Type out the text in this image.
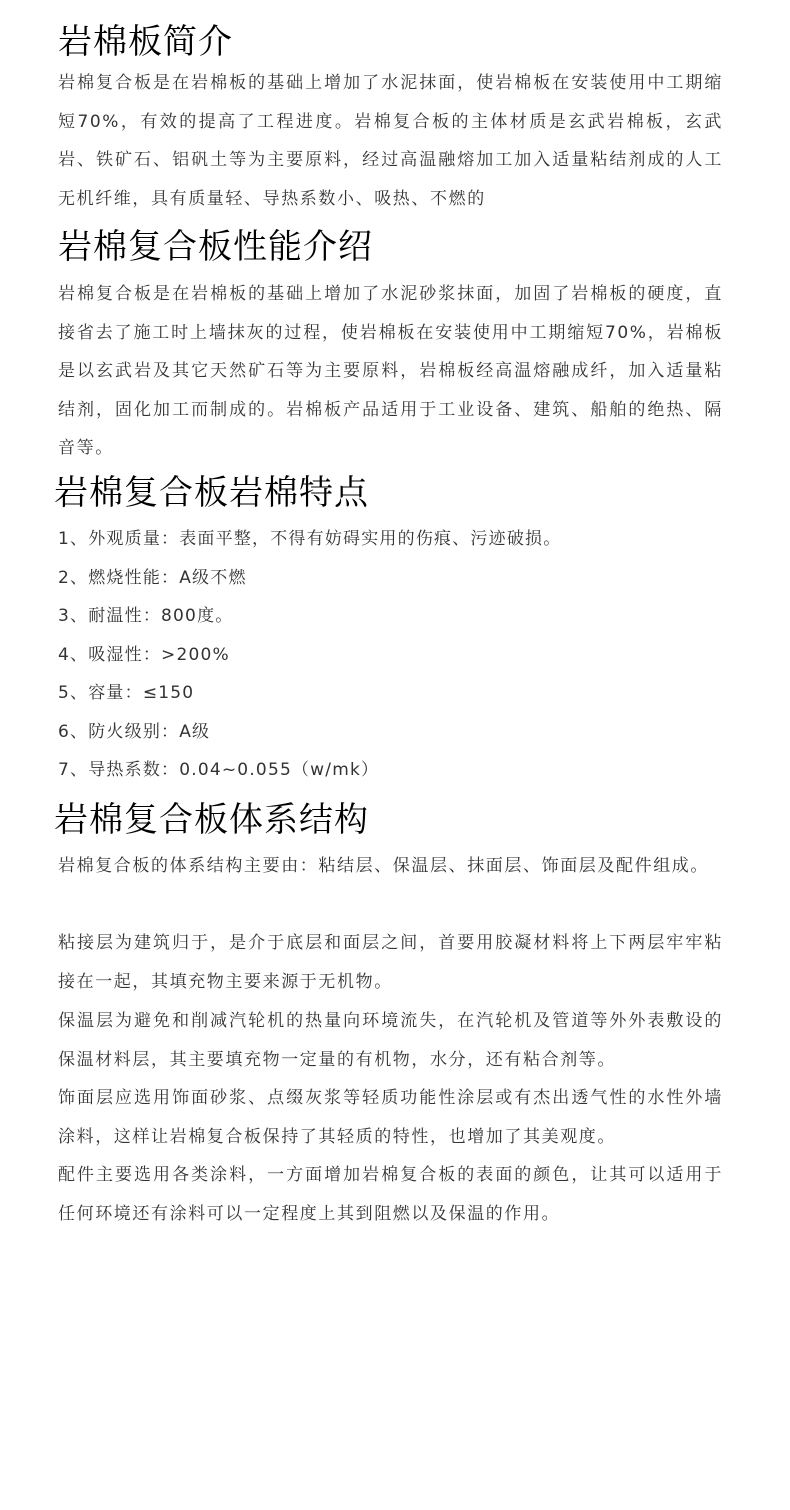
岩棉板简介

岩棉复合板是在岩棉板的基础上增加了水泥抹面，使岩棉板在安装使用中工期缩短70%，有效的提高了工程进度。岩棉复合板的主体材质是玄武岩棉板，玄武岩、铁矿石、铝矾土等为主要原料，经过高温融熔加工加入适量粘结剂成的人工无机纤维，具有质量轻、导热系数小、吸热、不燃的

岩棉复合板性能介绍

岩棉复合板是在岩棉板的基础上增加了水泥砂浆抹面，加固了岩棉板的硬度，直接省去了施工时上墙抹灰的过程，使岩棉板在安装使用中工期缩短70%，岩棉板是以玄武岩及其它天然矿石等为主要原料，岩棉板经高温熔融成纤，加入适量粘结剂，固化加工而制成的。岩棉板产品适用于工业设备、建筑、船舶的绝热、隔音等。

岩棉复合板岩棉特点
1、外观质量：表面平整，不得有妨碍实用的伤痕、污迹破损。
2、燃烧性能：A级不燃
3、耐温性：800度。
4、吸湿性：>200%
5、容量：≤150
6、防火级别：A级
7、导热系数：0.04~0.055（w/mk）
岩棉复合板体系结构

岩棉复合板的体系结构主要由：粘结层、保温层、抹面层、饰面层及配件组成。

粘接层为建筑归于，是介于底层和面层之间，首要用胶凝材料将上下两层牢牢粘接在一起，其填充物主要来源于无机物。

保温层为避免和削减汽轮机的热量向环境流失，在汽轮机及管道等外外表敷设的保温材料层，其主要填充物一定量的有机物，水分，还有粘合剂等。

饰面层应选用饰面砂浆、点缀灰浆等轻质功能性涂层或有杰出透气性的水性外墙涂料，这样让岩棉复合板保持了其轻质的特性，也增加了其美观度。

配件主要选用各类涂料，一方面增加岩棉复合板的表面的颜色，让其可以适用于任何环境还有涂料可以一定程度上其到阻燃以及保温的作用。
